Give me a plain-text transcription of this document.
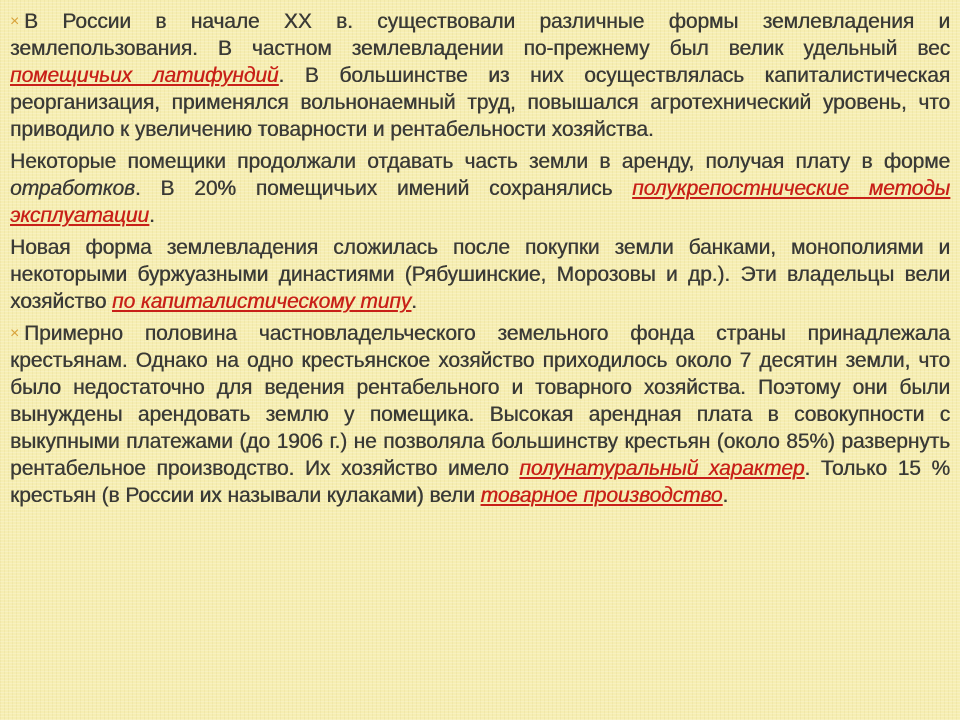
× В России в начале XX в. существовали различные формы землевладения и землепользования. В частном землевладении по-прежнему был велик удельный вес помещичьих латифундий. В большинстве из них осуществлялась капиталистическая реорганизация, применялся вольнонаемный труд, повышался агротехнический уровень, что приводило к увеличению товарности и рентабельности хозяйства.

Некоторые помещики продолжали отдавать часть земли в аренду, получая плату в форме отработков. В 20% помещичьих имений сохранялись полукрепостнические методы эксплуатации.

Новая форма землевладения сложилась после покупки земли банками, монополиями и некоторыми буржуазными династиями (Рябушинские, Морозовы и др.). Эти владельцы вели хозяйство по капиталистическому типу.

× Примерно половина частновладельческого земельного фонда страны принадлежала крестьянам. Однако на одно крестьянское хозяйство приходилось около 7 десятин земли, что было недостаточно для ведения рентабельного и товарного хозяйства. Поэтому они были вынуждены арендовать землю у помещика. Высокая арендная плата в совокупности с выкупными платежами (до 1906 г.) не позволяла большинству крестьян (около 85%) развернуть рентабельное производство. Их хозяйство имело полунатуральный характер. Только 15 % крестьян (в России их называли кулаками) вели товарное производство.
